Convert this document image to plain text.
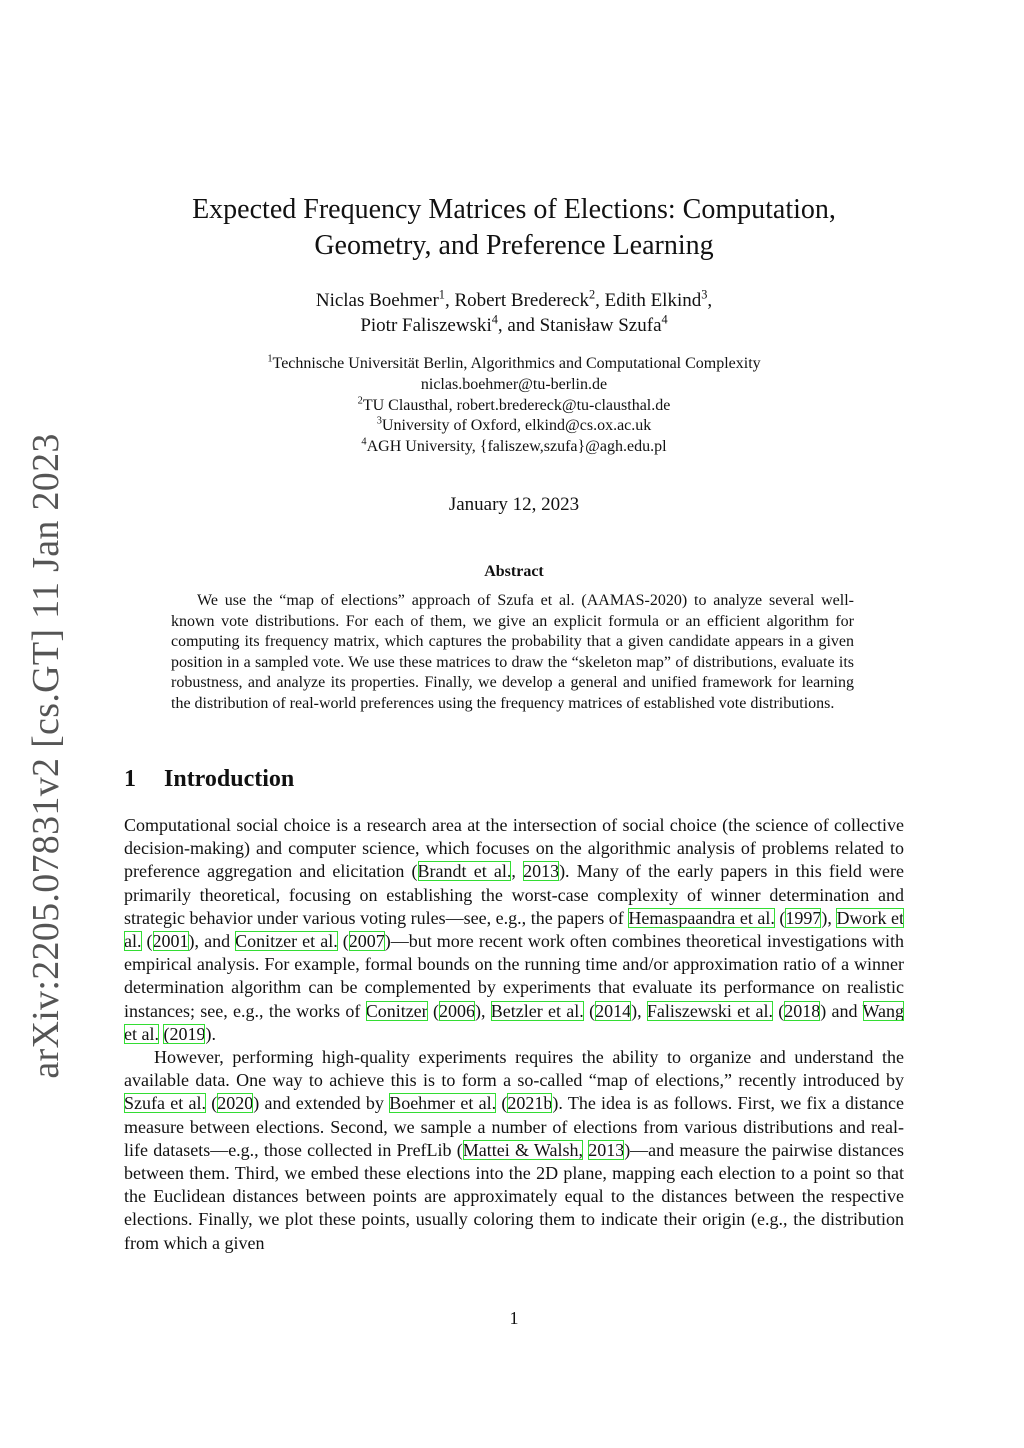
arXiv:2205.07831v2 [cs.GT] 11 Jan 2023
Expected Frequency Matrices of Elections: Computation,
Geometry, and Preference Learning
Niclas Boehmer$^1$, Robert Bredereck$^2$, Edith Elkind$^3$,
Piotr Faliszewski$^4$, and Stanisław Szufa$^4$
$^1$Technische Universität Berlin, Algorithmics and Computational Complexity
niclas.boehmer@tu-berlin.de
$^2$TU Clausthal, robert.bredereck@tu-clausthal.de
$^3$University of Oxford, elkind@cs.ox.ac.uk
$^4$AGH University, {faliszew,szufa}@agh.edu.pl
January 12, 2023
Abstract

We use the “map of elections” approach of Szufa et al. (AAMAS-2020) to analyze several well-known vote distributions. For each of them, we give an explicit formula or an efficient algorithm for computing its frequency matrix, which captures the probability that a given candidate appears in a given position in a sampled vote. We use these matrices to draw the “skeleton map” of distributions, evaluate its robustness, and analyze its properties. Finally, we develop a general and unified framework for learning the distribution of real-world preferences using the frequency matrices of established vote distributions.

1 Introduction

Computational social choice is a research area at the intersection of social choice (the science of collective decision-making) and computer science, which focuses on the algorithmic analysis of problems related to preference aggregation and elicitation (Brandt et al., 2013). Many of the early papers in this field were primarily theoretical, focusing on establishing the worst-case complexity of winner determination and strategic behavior under various voting rules—see, e.g., the papers of Hemaspaandra et al. (1997), Dwork et al. (2001), and Conitzer et al. (2007)—but more recent work often combines theoretical investigations with empirical analysis. For example, formal bounds on the running time and/or approximation ratio of a winner determination algorithm can be complemented by experiments that evaluate its performance on realistic instances; see, e.g., the works of Conitzer (2006), Betzler et al. (2014), Faliszewski et al. (2018) and Wang et al. (2019).

However, performing high-quality experiments requires the ability to organize and understand the available data. One way to achieve this is to form a so-called “map of elections,” recently introduced by Szufa et al. (2020) and extended by Boehmer et al. (2021b). The idea is as follows. First, we fix a distance measure between elections. Second, we sample a number of elections from various distributions and real-life datasets—e.g., those collected in PrefLib (Mattei & Walsh, 2013)—and measure the pairwise distances between them. Third, we embed these elections into the 2D plane, mapping each election to a point so that the Euclidean distances between points are approximately equal to the distances between the respective elections. Finally, we plot these points, usually coloring them to indicate their origin (e.g., the distribution from which a given

1
